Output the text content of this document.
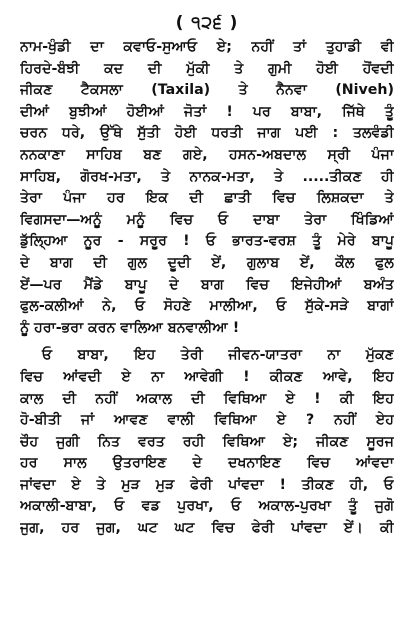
( ੧੨੬ )
ਨਾਮ-ਖੁੰਡੀ ਦਾ ਕਵਾਓ-ਸੁਆਓ ਏ; ਨਹੀਂ ਤਾਂ ਤੁਹਾਡੀ ਵੀ
ਹਿਰਦੇ-ਬੰਝੀ ਕਦ ਦੀ ਮੁੱਕੀ ਤੇ ਗੁਮੀ ਹੋਈ ਹੋਂਵਦੀ
ਜੀਕਣ ਟੈਕਸਲਾ (Taxila) ਤੇ ਨੈਨਵਾ (Niveh)
ਦੀਆਂ ਬੁਝੀਆਂ ਹੋਈਆਂ ਜੋਤਾਂ ! ਪਰ ਬਾਬਾ, ਜਿੱਥੇ ਤੂੰ
ਚਰਨ ਧਰੇ, ਉੱਥੇ ਸੁੱਤੀ ਹੋਈ ਧਰਤੀ ਜਾਗ ਪਈ : ਤਲਵੰਡੀ
ਨਨਕਾਣਾ ਸਾਹਿਬ ਬਣ ਗਏ, ਹਸਨ-ਅਬਦਾਲ ਸ੍ਰੀ ਪੰਜਾ
ਸਾਹਿਬ, ਗੋਰਖ-ਮਤਾ, ਤੇ ਨਾਨਕ-ਮਤਾ, ਤੇ .....ਤੀਕਣ ਹੀ
ਤੇਰਾ ਪੰਜਾ ਹਰ ਇਕ ਦੀ ਛਾਤੀ ਵਿਚ ਲਿਸ਼ਕਦਾ ਤੇ
ਵਿਗਸਦਾ—ਅਨੂੰ ਮਨੂੰ ਵਿਚ ਓ ਦਾਬਾ ਤੇਰਾ ਖਿੰਡਿਆਂ
ਡੁੱਲ੍ਹਿਆ ਨੂਰ - ਸਰੂਰ ! ਓ ਭਾਰਤ-ਵਰਸ਼ ਤੂੰ ਮੇਰੇ ਬਾਪੂ
ਦੇ ਬਾਗ ਦੀ ਗੁਲ ਦੂਦੀ ਏਂ, ਗੁਲਾਬ ਏਂ, ਕੌਲ ਫੁਲ
ਏਂ—ਪਰ ਮੈਂਡੇ ਬਾਪੂ ਦੇ ਬਾਗ ਵਿਚ ਇਜੇਹੀਆਂ ਬਅੰਤ
ਫੁਲ-ਕਲੀਆਂ ਨੇ, ਓ ਸੋਹਣੇ ਮਾਲੀਆ, ਓ ਸੁੱਕੇ-ਸੜੇ ਬਾਗਾਂ
ਨੂੰ ਹਰਾ-ਭਰਾ ਕਰਨ ਵਾਲਿਆ ਬਨਵਾਲੀਆ !
ਓ ਬਾਬਾ, ਇਹ ਤੇਰੀ ਜੀਵਨ-ਯਾਤਰਾ ਨਾ ਮੁੱਕਣ
ਵਿਚ ਆਂਵਦੀ ਏ ਨਾ ਆਵੇਗੀ ! ਕੀਕਣ ਆਵੇ, ਇਹ
ਕਾਲ ਦੀ ਨਹੀਂ ਅਕਾਲ ਦੀ ਵਿਥਿਆ ਏ ! ਕੀ ਇਹ
ਹੋ-ਬੀਤੀ ਜਾਂ ਆਵਣ ਵਾਲੀ ਵਿਥਿਆ ਏ ? ਨਹੀਂ ਏਹ
ਚੌਹ ਜੁਗੀ ਨਿਤ ਵਰਤ ਰਹੀ ਵਿਥਿਆ ਏ; ਜੀਕਣ ਸੂਰਜ
ਹਰ ਸਾਲ ਉਤਰਾਇਣ ਦੇ ਦਖਨਾਇਣ ਵਿਚ ਆਂਵਦਾ
ਜਾਂਵਦਾ ਏ ਤੇ ਮੁੜ ਮੁੜ ਫੇਰੀ ਪਾਂਵਦਾ ! ਤੀਕਣ ਹੀ, ਓ
ਅਕਾਲੀ-ਬਾਬਾ, ਓ ਵਡ ਪੁਰਖਾ, ਓ ਅਕਾਲ-ਪੁਰਖਾ ਤੂੰ ਜੁਗੋ
ਜੁਗ, ਹਰ ਜੁਗ, ਘਟ ਘਟ ਵਿਚ ਫੇਰੀ ਪਾਂਵਦਾ ਏਂ। ਕੀ
